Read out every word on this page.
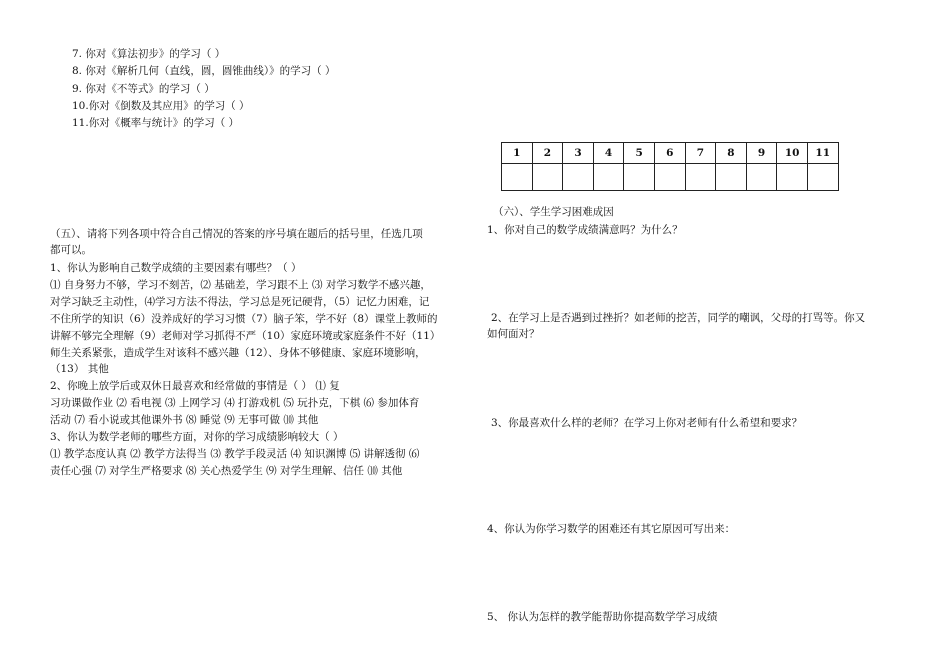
7. 你对《算法初步》的学习（ ）
8. 你对《解析几何（直线，圆，圆锥曲线）》的学习（ ）
9. 你对《不等式》的学习（ ）
10.你对《倒数及其应用》的学习（ ）
11.你对《概率与统计》的学习（ ）
1	2	3	4	5	6	7	8	9	10	11

（五）、请将下列各项中符合自己情况的答案的序号填在题后的括号里，任选几项
都可以。
1、你认为影响自己数学成绩的主要因素有哪些？（ ）
⑴ 自身努力不够，学习不刻苦，⑵ 基础差，学习跟不上 ⑶ 对学习数学不感兴趣，
对学习缺乏主动性，⑷学习方法不得法，学习总是死记硬背，（5）记忆力困难，记
不住所学的知识（6）没养成好的学习习惯（7）脑子笨，学不好（8）课堂上教师的
讲解不够完全理解（9）老师对学习抓得不严（10）家庭环境或家庭条件不好（11）
师生关系紧张，造成学生对该科不感兴趣（12）、身体不够健康、家庭环境影响，
（13） 其他
2、你晚上放学后或双休日最喜欢和经常做的事情是（ ） ⑴ 复
习功课做作业 ⑵ 看电视 ⑶ 上网学习 ⑷ 打游戏机 ⑸ 玩扑克，下棋 ⑹ 参加体育
活动 ⑺ 看小说或其他课外书 ⑻ 睡觉 ⑼ 无事可做 ⑽ 其他
3、你认为数学老师的哪些方面，对你的学习成绩影响较大（ ）
⑴ 教学态度认真 ⑵ 教学方法得当 ⑶ 教学手段灵活 ⑷ 知识渊博 ⑸ 讲解透彻 ⑹
责任心强 ⑺ 对学生严格要求 ⑻ 关心热爱学生 ⑼ 对学生理解、信任 ⑽ 其他
（六）、学生学习困难成因
1、你对自己的数学成绩满意吗？为什么？
2、在学习上是否遇到过挫折？如老师的挖苦，同学的嘲讽，父母的打骂等。你又
如何面对？
3、你最喜欢什么样的老师？在学习上你对老师有什么希望和要求？
4、你认为你学习数学的困难还有其它原因可写出来：
5、 你认为怎样的教学能帮助你提高数学学习成绩
